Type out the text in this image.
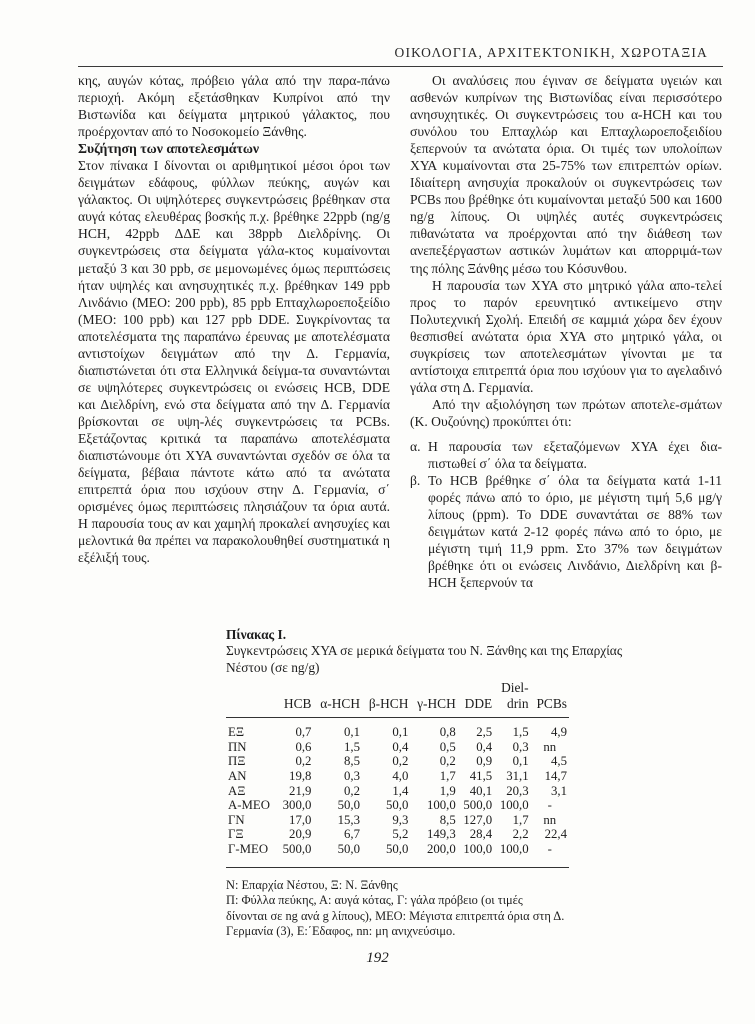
ΟΙΚΟΛΟΓΙΑ, ΑΡΧΙΤΕΚΤΟΝΙΚΗ, ΧΩΡΟΤΑΞΙΑ

κης, αυγών κότας, πρόβειο γάλα από την παρα-πάνω περιοχή. Ακόμη εξετάσθηκαν Κυπρίνοι από την Βιστωνίδα και δείγματα μητρικού γάλακτος, που προέρχονταν από το Νοσοκομείο Ξάνθης.

Συζήτηση των αποτελεσμάτων

Στον πίνακα Ι δίνονται οι αριθμητικοί μέσοι όροι των δειγμάτων εδάφους, φύλλων πεύκης, αυγών και γάλακτος. Οι υψηλότερες συγκεντρώσεις βρέθηκαν στα αυγά κότας ελευθέρας βοσκής π.χ. βρέθηκε 22ppb (ng/g HCH, 42ppb ΔΔΕ και 38ppb Διελδρίνης. Οι συγκεντρώσεις στα δείγματα γάλα-κτος κυμαίνονται μεταξύ 3 και 30 ppb, σε μεμονωμένες όμως περιπτώσεις ήταν υψηλές και ανησυχητικές π.χ. βρέθηκαν 149 ppb Λινδάνιο (ΜΕΟ: 200 ppb), 85 ppb Επταχλωροεποξείδιο (ΜΕΟ: 100 ppb) και 127 ppb DDE. Συγκρίνοντας τα αποτελέσματα της παραπάνω έρευνας με αποτελέσματα αντιστοίχων δειγμάτων από την Δ. Γερμανία, διαπιστώνεται ότι στα Ελληνικά δείγμα-τα συναντώνται σε υψηλότερες συγκεντρώσεις οι ενώσεις HCB, DDE και Διελδρίνη, ενώ στα δείγματα από την Δ. Γερμανία βρίσκονται σε υψη-λές συγκεντρώσεις τα PCBs. Εξετάζοντας κριτικά τα παραπάνω αποτελέσματα διαπιστώνουμε ότι ΧΥΑ συναντώνται σχεδόν σε όλα τα δείγματα, βέβαια πάντοτε κάτω από τα ανώτατα επιτρεπτά όρια που ισχύουν στην Δ. Γερμανία, σ΄ ορισμένες όμως περιπτώσεις πλησιάζουν τα όρια αυτά. Η παρουσία τους αν και χαμηλή προκαλεί ανησυχίες και μελοντικά θα πρέπει να παρακολουθηθεί συστηματικά η εξέλιξή τους.

Οι αναλύσεις που έγιναν σε δείγματα υγειών και ασθενών κυπρίνων της Βιστωνίδας είναι περισσότερο ανησυχητικές. Οι συγκεντρώσεις του α-HCH και του συνόλου του Επταχλώρ και Επταχλωροεποξειδίου ξεπερνούν τα ανώτατα όρια. Οι τιμές των υπολοίπων ΧΥΑ κυμαίνονται στα 25-75% των επιτρεπτών ορίων. Ιδιαίτερη ανησυχία προκαλούν οι συγκεντρώσεις των PCBs που βρέθηκε ότι κυμαίνονται μεταξύ 500 και 1600 ng/g λίπους. Οι υψηλές αυτές συγκεντρώσεις πιθανώτατα να προέρχονται από την διάθεση των ανεπεξέργαστων αστικών λυμάτων και απορριμά-των της πόλης Ξάνθης μέσω του Κόσυνθου.

Η παρουσία των ΧΥΑ στο μητρικό γάλα απο-τελεί προς το παρόν ερευνητικό αντικείμενο στην Πολυτεχνική Σχολή. Επειδή σε καμμιά χώρα δεν έχουν θεσπισθεί ανώτατα όρια ΧΥΑ στο μητρικό γάλα, οι συγκρίσεις των αποτελεσμάτων γίνονται με τα αντίστοιχα επιτρεπτά όρια που ισχύουν για το αγελαδινό γάλα στη Δ. Γερμανία.

Από την αξιολόγηση των πρώτων αποτελε-σμάτων (Κ. Ουζούνης) προκύπτει ότι:

α. Η παρουσία των εξεταζόμενων ΧΥΑ έχει δια-πιστωθεί σ΄ όλα τα δείγματα.
β. Το HCB βρέθηκε σ΄ όλα τα δείγματα κατά 1-11 φορές πάνω από το όριο, με μέγιστη τιμή 5,6 μg/γ λίπους (ppm). Το DDE συναντάται σε 88% των δειγμάτων κατά 2-12 φορές πάνω από το όριο, με μέγιστη τιμή 11,9 ppm. Στο 37% των δειγμάτων βρέθηκε ότι οι ενώσεις Λινδάνιο, Διελδρίνη και β-HCH ξεπερνούν τα

Πίνακας Ι.

Συγκεντρώσεις ΧΥΑ σε μερικά δείγματα του Ν. Ξάνθης και της Επαρχίας Νέστου (σε ng/g)

						Diel-	
	HCB	α-HCH	β-HCH	γ-HCH	DDE	drin	PCBs
ΕΞ	0,7	0,1	0,1	0,8	2,5	1,5	4,9
ΠΝ	0,6	1,5	0,4	0,5	0,4	0,3	nn
ΠΞ	0,2	8,5	0,2	0,2	0,9	0,1	4,5
ΑΝ	19,8	0,3	4,0	1,7	41,5	31,1	14,7
ΑΞ	21,9	0,2	1,4	1,9	40,1	20,3	3,1
Α-ΜΕΟ	300,0	50,0	50,0	100,0	500,0	100,0	-
ΓΝ	17,0	15,3	9,3	8,5	127,0	1,7	nn
ΓΞ	20,9	6,7	5,2	149,3	28,4	2,2	22,4
Γ-ΜΕΟ	500,0	50,0	50,0	200,0	100,0	100,0	-

Ν: Επαρχία Νέστου, Ξ: Ν. Ξάνθης

Π: Φύλλα πεύκης, Α: αυγά κότας, Γ: γάλα πρόβειο (οι τιμές δίνονται σε ng ανά g λίπους), ΜΕΟ: Μέγιστα επιτρεπτά όρια στη Δ. Γερμανία (3), Ε:΄Εδαφος, nn: μη ανιχνεύσιμο.

192
